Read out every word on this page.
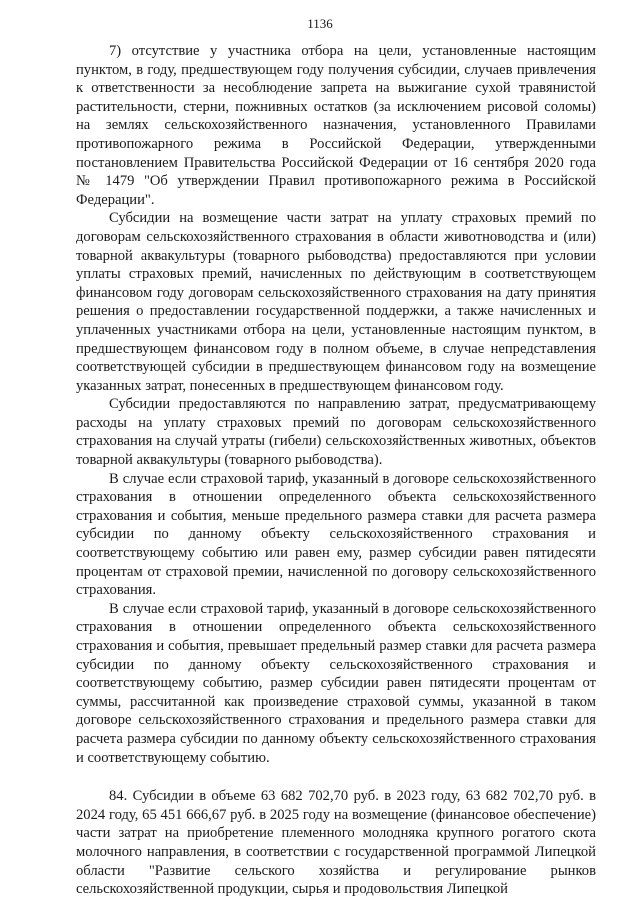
1136

7) отсутствие у участника отбора на цели, установленные настоящим пунктом, в году, предшествующем году получения субсидии, случаев привлечения к ответственности за несоблюдение запрета на выжигание сухой травянистой растительности, стерни, пожнивных остатков (за исключением рисовой соломы) на землях сельскохозяйственного назначения, установленного Правилами противопожарного режима в Российской Федерации, утвержденными постановлением Правительства Российской Федерации от 16 сентября 2020 года № 1479 "Об утверждении Правил противопожарного режима в Российской Федерации".

Субсидии на возмещение части затрат на уплату страховых премий по договорам сельскохозяйственного страхования в области животноводства и (или) товарной аквакультуры (товарного рыбоводства) предоставляются при условии уплаты страховых премий, начисленных по действующим в соответствующем финансовом году договорам сельскохозяйственного страхования на дату принятия решения о предоставлении государственной поддержки, а также начисленных и уплаченных участниками отбора на цели, установленные настоящим пунктом, в предшествующем финансовом году в полном объеме, в случае непредставления соответствующей субсидии в предшествующем финансовом году на возмещение указанных затрат, понесенных в предшествующем финансовом году.

Субсидии предоставляются по направлению затрат, предусматривающему расходы на уплату страховых премий по договорам сельскохозяйственного страхования на случай утраты (гибели) сельскохозяйственных животных, объектов товарной аквакультуры (товарного рыбоводства).

В случае если страховой тариф, указанный в договоре сельскохозяйственного страхования в отношении определенного объекта сельскохозяйственного страхования и события, меньше предельного размера ставки для расчета размера субсидии по данному объекту сельскохозяйственного страхования и соответствующему событию или равен ему, размер субсидии равен пятидесяти процентам от страховой премии, начисленной по договору сельскохозяйственного страхования.

В случае если страховой тариф, указанный в договоре сельскохозяйственного страхования в отношении определенного объекта сельскохозяйственного страхования и события, превышает предельный размер ставки для расчета размера субсидии по данному объекту сельскохозяйственного страхования и соответствующему событию, размер субсидии равен пятидесяти процентам от суммы, рассчитанной как произведение страховой суммы, указанной в таком договоре сельскохозяйственного страхования и предельного размера ставки для расчета размера субсидии по данному объекту сельскохозяйственного страхования и соответствующему событию.

84. Субсидии в объеме 63 682 702,70 руб. в 2023 году, 63 682 702,70 руб. в 2024 году, 65 451 666,67 руб. в 2025 году на возмещение (финансовое обеспечение) части затрат на приобретение племенного молодняка крупного рогатого скота молочного направления, в соответствии с государственной программой Липецкой области "Развитие сельского хозяйства и регулирование рынков сельскохозяйственной продукции, сырья и продовольствия Липецкой
